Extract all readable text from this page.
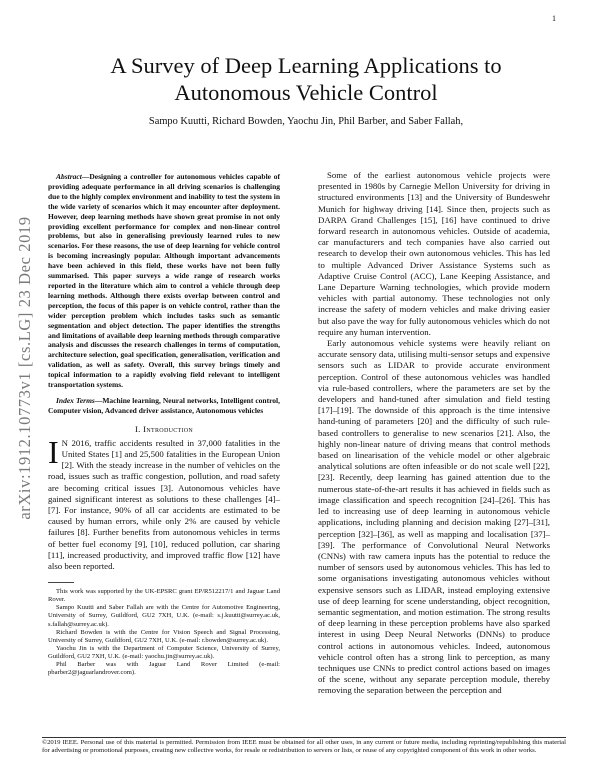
1
arXiv:1912.10773v1 [cs.LG] 23 Dec 2019
A Survey of Deep Learning Applications to Autonomous Vehicle Control
Sampo Kuutti, Richard Bowden, Yaochu Jin, Phil Barber, and Saber Fallah,

Abstract—Designing a controller for autonomous vehicles capable of providing adequate performance in all driving scenarios is challenging due to the highly complex environment and inability to test the system in the wide variety of scenarios which it may encounter after deployment. However, deep learning methods have shown great promise in not only providing excellent performance for complex and non-linear control problems, but also in generalising previously learned rules to new scenarios. For these reasons, the use of deep learning for vehicle control is becoming increasingly popular. Although important advancements have been achieved in this field, these works have not been fully summarised. This paper surveys a wide range of research works reported in the literature which aim to control a vehicle through deep learning methods. Although there exists overlap between control and perception, the focus of this paper is on vehicle control, rather than the wider perception problem which includes tasks such as semantic segmentation and object detection. The paper identifies the strengths and limitations of available deep learning methods through comparative analysis and discusses the research challenges in terms of computation, architecture selection, goal specification, generalisation, verification and validation, as well as safety. Overall, this survey brings timely and topical information to a rapidly evolving field relevant to intelligent transportation systems.

Index Terms—Machine learning, Neural networks, Intelligent control, Computer vision, Advanced driver assistance, Autonomous vehicles

I. Introduction

I N 2016, traffic accidents resulted in 37,000 fatalities in the United States [1] and 25,500 fatalities in the European Union [2]. With the steady increase in the number of vehicles on the road, issues such as traffic congestion, pollution, and road safety are becoming critical issues [3]. Autonomous vehicles have gained significant interest as solutions to these challenges [4]–[7]. For instance, 90% of all car accidents are estimated to be caused by human errors, while only 2% are caused by vehicle failures [8]. Further benefits from autonomous vehicles in terms of better fuel economy [9], [10], reduced pollution, car sharing [11], increased productivity, and improved traffic flow [12] have also been reported.

This work was supported by the UK-EPSRC grant EP/R512217/1 and Jaguar Land Rover.

Sampo Kuutti and Saber Fallah are with the Centre for Automotive Engineering, University of Surrey, Guildford, GU2 7XH, U.K. (e-mail: s.j.kuutti@surrey.ac.uk, s.fallah@surrey.ac.uk).

Richard Bowden is with the Centre for Vision Speech and Signal Processing, University of Surrey, Guildford, GU2 7XH, U.K. (e-mail: r.bowden@surrey.ac.uk).

Yaochu Jin is with the Department of Computer Science, University of Surrey, Guildford, GU2 7XH, U.K. (e-mail: yaochu.jin@surrey.ac.uk).

Phil Barber was with Jaguar Land Rover Limited (e-mail: pbarber2@jaguarlandrover.com).

Some of the earliest autonomous vehicle projects were presented in 1980s by Carnegie Mellon University for driving in structured environments [13] and the University of Bundeswehr Munich for highway driving [14]. Since then, projects such as DARPA Grand Challenges [15], [16] have continued to drive forward research in autonomous vehicles. Outside of academia, car manufacturers and tech companies have also carried out research to develop their own autonomous vehicles. This has led to multiple Advanced Driver Assistance Systems such as Adaptive Cruise Control (ACC), Lane Keeping Assistance, and Lane Departure Warning technologies, which provide modern vehicles with partial autonomy. These technologies not only increase the safety of modern vehicles and make driving easier but also pave the way for fully autonomous vehicles which do not require any human intervention.

Early autonomous vehicle systems were heavily reliant on accurate sensory data, utilising multi-sensor setups and expensive sensors such as LIDAR to provide accurate environment perception. Control of these autonomous vehicles was handled via rule-based controllers, where the parameters are set by the developers and hand-tuned after simulation and field testing [17]–[19]. The downside of this approach is the time intensive hand-tuning of parameters [20] and the difficulty of such rule-based controllers to generalise to new scenarios [21]. Also, the highly non-linear nature of driving means that control methods based on linearisation of the vehicle model or other algebraic analytical solutions are often infeasible or do not scale well [22], [23]. Recently, deep learning has gained attention due to the numerous state-of-the-art results it has achieved in fields such as image classification and speech recognition [24]–[26]. This has led to increasing use of deep learning in autonomous vehicle applications, including planning and decision making [27]–[31], perception [32]–[36], as well as mapping and localisation [37]–[39]. The performance of Convolutional Neural Networks (CNNs) with raw camera inputs has the potential to reduce the number of sensors used by autonomous vehicles. This has led to some organisations investigating autonomous vehicles without expensive sensors such as LIDAR, instead employing extensive use of deep learning for scene understanding, object recognition, semantic segmentation, and motion estimation. The strong results of deep learning in these perception problems have also sparked interest in using Deep Neural Networks (DNNs) to produce control actions in autonomous vehicles. Indeed, autonomous vehicle control often has a strong link to perception, as many techniques use CNNs to predict control actions based on images of the scene, without any separate perception module, thereby removing the separation between the perception and

©2019 IEEE. Personal use of this material is permitted. Permission from IEEE must be obtained for all other uses, in any current or future media, including reprinting/republishing this material for advertising or promotional purposes, creating new collective works, for resale or redistribution to servers or lists, or reuse of any copyrighted component of this work in other works.
